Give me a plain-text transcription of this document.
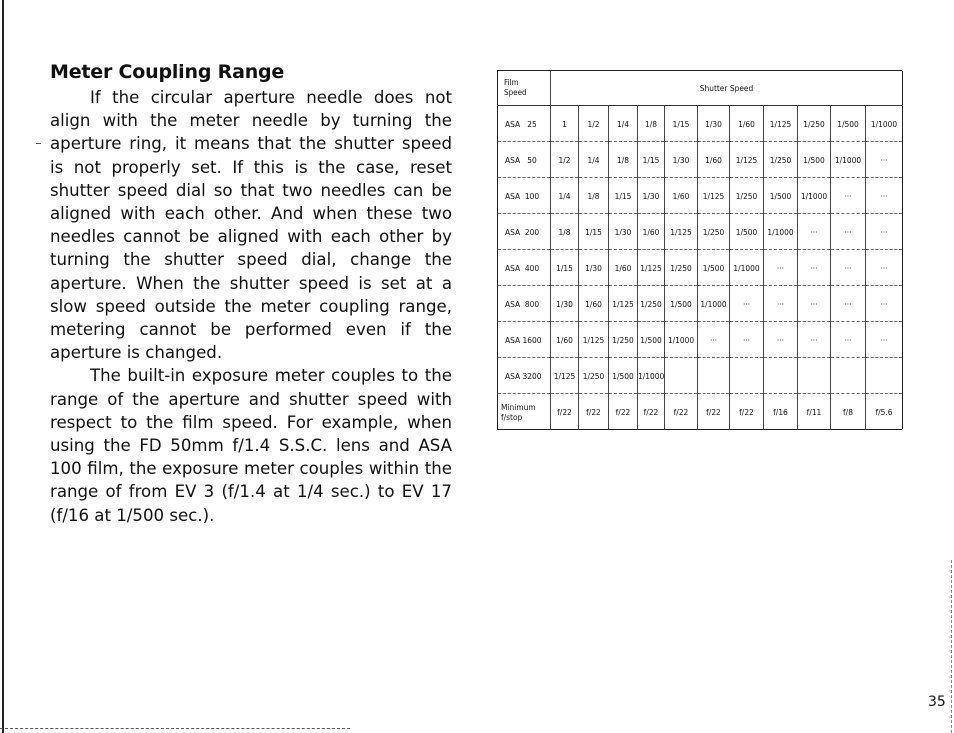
Meter Coupling Range

If the circular aperture needle does not align with the meter needle by turning the aperture ring, it means that the shutter speed is not properly set. If this is the case, reset shutter speed dial so that two needles can be aligned with each other. And when these two needles cannot be aligned with each other by turning the shutter speed dial, change the aperture. When the shutter speed is set at a slow speed outside the meter coupling range, metering cannot be performed even if the aperture is changed.

The built-in exposure meter couples to the range of the aperture and shutter speed with respect to the film speed. For example, when using the FD 50mm f/1.4 S.S.C. lens and ASA 100 film, the exposure meter couples within the range of from EV 3 (f/1.4 at 1/4 sec.) to EV 17 (f/16 at 1/500 sec.).

Film
Speed	Shutter Speed										
ASA   25	1	1/2	1/4	1/8	1/15	1/30	1/60	1/125	1/250	1/500	1/1000
ASA   50	1/2	1/4	1/8	1/15	1/30	1/60	1/125	1/250	1/500	1/1000	···
ASA  100	1/4	1/8	1/15	1/30	1/60	1/125	1/250	1/500	1/1000	···	···
ASA  200	1/8	1/15	1/30	1/60	1/125	1/250	1/500	1/1000	···	···	···
ASA  400	1/15	1/30	1/60	1/125	1/250	1/500	1/1000	···	···	···	···
ASA  800	1/30	1/60	1/125	1/250	1/500	1/1000	···	···	···	···	···
ASA 1600	1/60	1/125	1/250	1/500	1/1000	···	···	···	···	···	···
ASA 3200	1/125	1/250	1/500	1/1000							
Minimum
f/stop	f/22	f/22	f/22	f/22	f/22	f/22	f/22	f/16	f/11	f/8	f/5.6
35
